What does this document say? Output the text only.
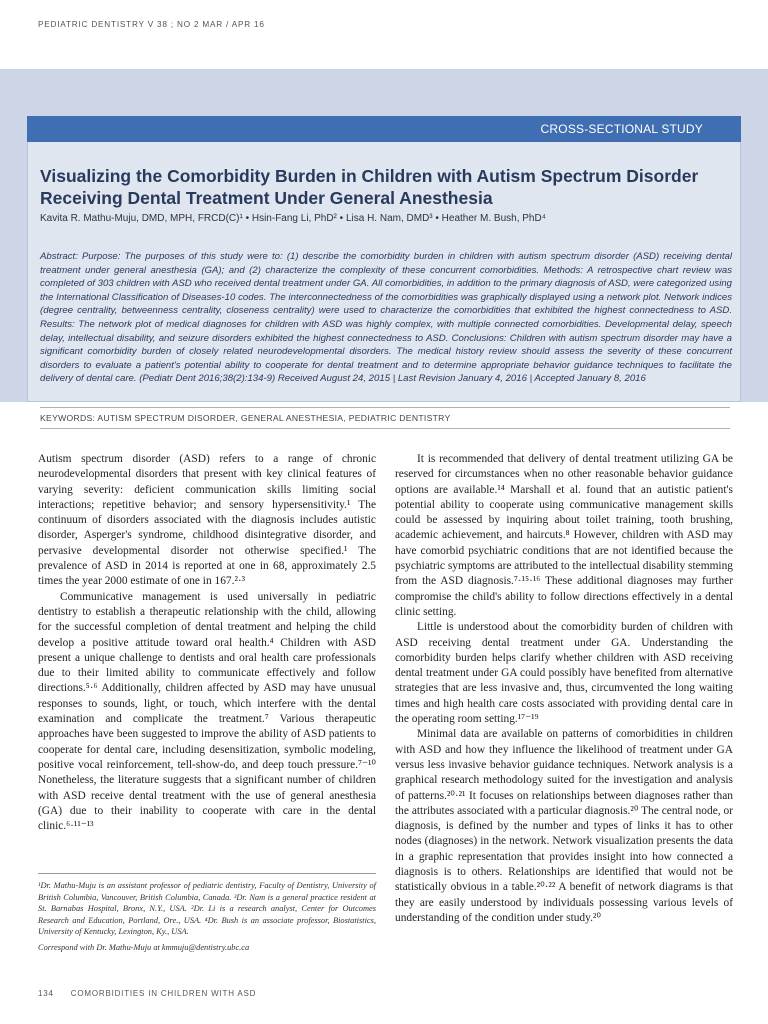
PEDIATRIC DENTISTRY V 38 ; NO 2 MAR / APR 16
CROSS-SECTIONAL STUDY
Visualizing the Comorbidity Burden in Children with Autism Spectrum Disorder Receiving Dental Treatment Under General Anesthesia
Kavita R. Mathu-Muju, DMD, MPH, FRCD(C)¹ • Hsin-Fang Li, PhD² • Lisa H. Nam, DMD³ • Heather M. Bush, PhD⁴
Abstract: Purpose: The purposes of this study were to: (1) describe the comorbidity burden in children with autism spectrum disorder (ASD) receiving dental treatment under general anesthesia (GA); and (2) characterize the complexity of these concurrent comorbidities. Methods: A retrospective chart review was completed of 303 children with ASD who received dental treatment under GA. All comorbidities, in addition to the primary diagnosis of ASD, were categorized using the International Classification of Diseases-10 codes. The interconnectedness of the comorbidities was graphically displayed using a network plot. Network indices (degree centrality, betweenness centrality, closeness centrality) were used to characterize the comorbidities that exhibited the highest connectedness to ASD. Results: The network plot of medical diagnoses for children with ASD was highly complex, with multiple connected comorbidities. Developmental delay, speech delay, intellectual disability, and seizure disorders exhibited the highest connectedness to ASD. Conclusions: Children with autism spectrum disorder may have a significant comorbidity burden of closely related neurodevelopmental disorders. The medical history review should assess the severity of these concurrent disorders to evaluate a patient's potential ability to cooperate for dental treatment and to determine appropriate behavior guidance techniques to facilitate the delivery of dental care. (Pediatr Dent 2016;38(2):134-9) Received August 24, 2015 | Last Revision January 4, 2016 | Accepted January 8, 2016
KEYWORDS: AUTISM SPECTRUM DISORDER, GENERAL ANESTHESIA, PEDIATRIC DENTISTRY

Autism spectrum disorder (ASD) refers to a range of chronic neurodevelopmental disorders that present with key clinical features of varying severity: deficient communication skills limiting social interactions; repetitive behavior; and sensory hypersensitivity.¹ The continuum of disorders associated with the diagnosis includes autistic disorder, Asperger's syndrome, childhood disintegrative disorder, and pervasive developmental disorder not otherwise specified.¹ The prevalence of ASD in 2014 is reported at one in 68, approximately 2.5 times the year 2000 estimate of one in 167.²·³

Communicative management is used universally in pediatric dentistry to establish a therapeutic relationship with the child, allowing for the successful completion of dental treatment and helping the child develop a positive attitude toward oral health.⁴ Children with ASD present a unique challenge to dentists and oral health care professionals due to their limited ability to communicate effectively and follow directions.⁵·⁶ Additionally, children affected by ASD may have unusual responses to sounds, light, or touch, which interfere with the dental examination and complicate the treatment.⁷ Various therapeutic approaches have been suggested to improve the ability of ASD patients to cooperate for dental care, including desensitization, symbolic modeling, positive vocal reinforcement, tell-show-do, and deep touch pressure.⁷⁻¹⁰ Nonetheless, the literature suggests that a significant number of children with ASD receive dental treatment with the use of general anesthesia (GA) due to their inability to cooperate with care in the dental clinic.⁶·¹¹⁻¹³

It is recommended that delivery of dental treatment utilizing GA be reserved for circumstances when no other reasonable behavior guidance options are available.¹⁴ Marshall et al. found that an autistic patient's potential ability to cooperate using communicative management skills could be assessed by inquiring about toilet training, tooth brushing, academic achievement, and haircuts.⁸ However, children with ASD may have comorbid psychiatric conditions that are not identified because the psychiatric symptoms are attributed to the intellectual disability stemming from the ASD diagnosis.⁷·¹⁵·¹⁶ These additional diagnoses may further compromise the child's ability to follow directions effectively in a dental clinic setting.

Little is understood about the comorbidity burden of children with ASD receiving dental treatment under GA. Understanding the comorbidity burden helps clarify whether children with ASD receiving dental treatment under GA could possibly have benefited from alternative strategies that are less invasive and, thus, circumvented the long waiting times and high health care costs associated with providing dental care in the operating room setting.¹⁷⁻¹⁹

Minimal data are available on patterns of comorbidities in children with ASD and how they influence the likelihood of treatment under GA versus less invasive behavior guidance techniques. Network analysis is a graphical research methodology suited for the investigation and analysis of patterns.²⁰·²¹ It focuses on relationships between diagnoses rather than the attributes associated with a particular diagnosis.²⁰ The central node, or diagnosis, is defined by the number and types of links it has to other nodes (diagnoses) in the network. Network visualization presents the data in a graphic representation that provides insight into how connected a diagnosis is to others. Relationships are identified that would not be statistically obvious in a table.²⁰·²² A benefit of network diagrams is that they are easily understood by individuals possessing various levels of understanding of the condition under study.²⁰

¹Dr. Mathu-Muju is an assistant professor of pediatric dentistry, Faculty of Dentistry, University of British Columbia, Vancouver, British Columbia, Canada. ³Dr. Nam is a general practice resident at St. Barnabas Hospital, Bronx, N.Y., USA. ²Dr. Li is a research analyst, Center for Outcomes Research and Education, Portland, Ore., USA. ⁴Dr. Bush is an associate professor, Biostatistics, University of Kentucky, Lexington, Ky., USA.
Correspond with Dr. Mathu-Muju at kmmuju@dentistry.ubc.ca
134 COMORBIDITIES IN CHILDREN WITH ASD
